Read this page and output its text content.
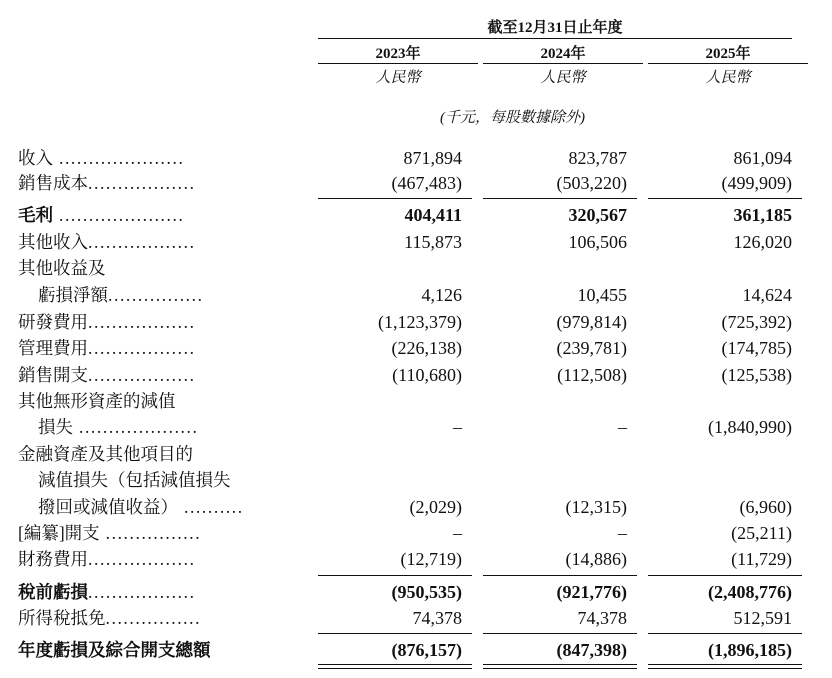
截至12月31日止年度
2023年	2024年	2025年
人民幣	人民幣	人民幣
(千元，每股數據除外)
收入 .....................	871,894	823,787	861,094
銷售成本..................	(467,483)	(503,220)	(499,909)
毛利 .....................	404,411	320,567	361,185
其他收入..................	115,873	106,506	126,020
其他收益及
虧損淨額................	4,126	10,455	14,624
研發費用..................	(1,123,379)	(979,814)	(725,392)
管理費用..................	(226,138)	(239,781)	(174,785)
銷售開支..................	(110,680)	(112,508)	(125,538)
其他無形資產的減值
損失 ....................	–	–	(1,840,990)
金融資產及其他項目的
減值損失（包括減值損失
撥回或減值收益） ..........	(2,029)	(12,315)	(6,960)
[編纂]開支 ................	–	–	(25,211)
財務費用..................	(12,719)	(14,886)	(11,729)
稅前虧損..................	(950,535)	(921,776)	(2,408,776)
所得稅抵免................	74,378	74,378	512,591
年度虧損及綜合開支總額	(876,157)	(847,398)	(1,896,185)
